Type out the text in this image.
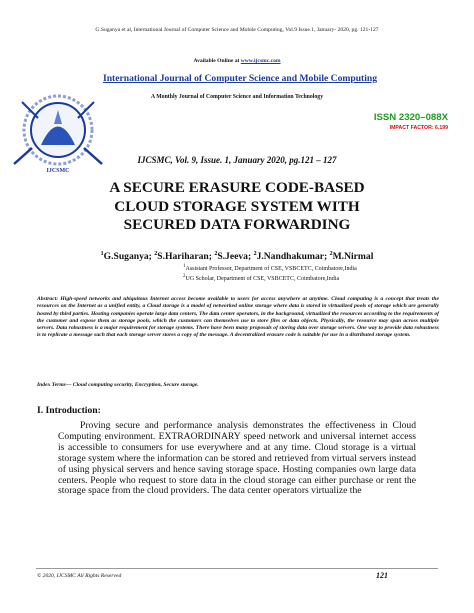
G.Suganya et al, International Journal of Computer Science and Mobile Computing, Vol.9 Issue.1, January- 2020, pg. 121-127
Available Online at www.ijcsmc.com
IJCSMC
International Journal of Computer Science and Mobile Computing
A Monthly Journal of Computer Science and Information Technology
ISSN 2320–088X
IMPACT FACTOR: 6.199
IJCSMC, Vol. 9, Issue. 1, January 2020, pg.121 – 127
A SECURE ERASURE CODE-BASED
CLOUD STORAGE SYSTEM WITH
SECURED DATA FORWARDING
$^1$G.Suganya; $^2$S.Hariharan; $^2$S.Jeeva; $^2$J.Nandhakumar; $^2$M.Nirmal
$^1$Assistant Professor, Department of CSE, VSBCETC, Coimbatore,India
$^2$UG Scholar, Department of CSE, VSBCETC, Coimbatore,India
Abstract: High-speed networks and ubiquitous Internet access become available to users for access anywhere at anytime. Cloud computing is a concept that treats the resources on the Internet as a unified entity, a Cloud storage is a model of networked online storage where data is stored in virtualized pools of storage which are generally hosted by third parties. Hosting companies operate large data centers, The data center operators, in the background, virtualized the resources according to the requirements of the customer and expose them as storage pools, which the customers can themselves use to store files or data objects. Physically, the resource may span across multiple servers. Data robustness is a major requirement for storage systems. There have been many proposals of storing data over storage servers. One way to provide data robustness is to replicate a message such that each storage server stores a copy of the message. A decentralized erasure code is suitable for use in a distributed storage system.
Index Terms— Cloud computing security, Encryption, Secure storage.
I. Introduction:

Proving secure and performance analysis demonstrates the effectiveness in Cloud Computing environment. EXTRAORDINARY speed network and universal internet access is accessible to consumers for use everywhere and at any time. Cloud storage is a virtual storage system where the information can be stored and retrieved from virtual servers instead of using physical servers and hence saving storage space. Hosting companies own large data centers. People who request to store data in the cloud storage can either purchase or rent the storage space from the cloud providers. The data center operators virtualize the

© 2020, IJCSMC All Rights Reserved	121
